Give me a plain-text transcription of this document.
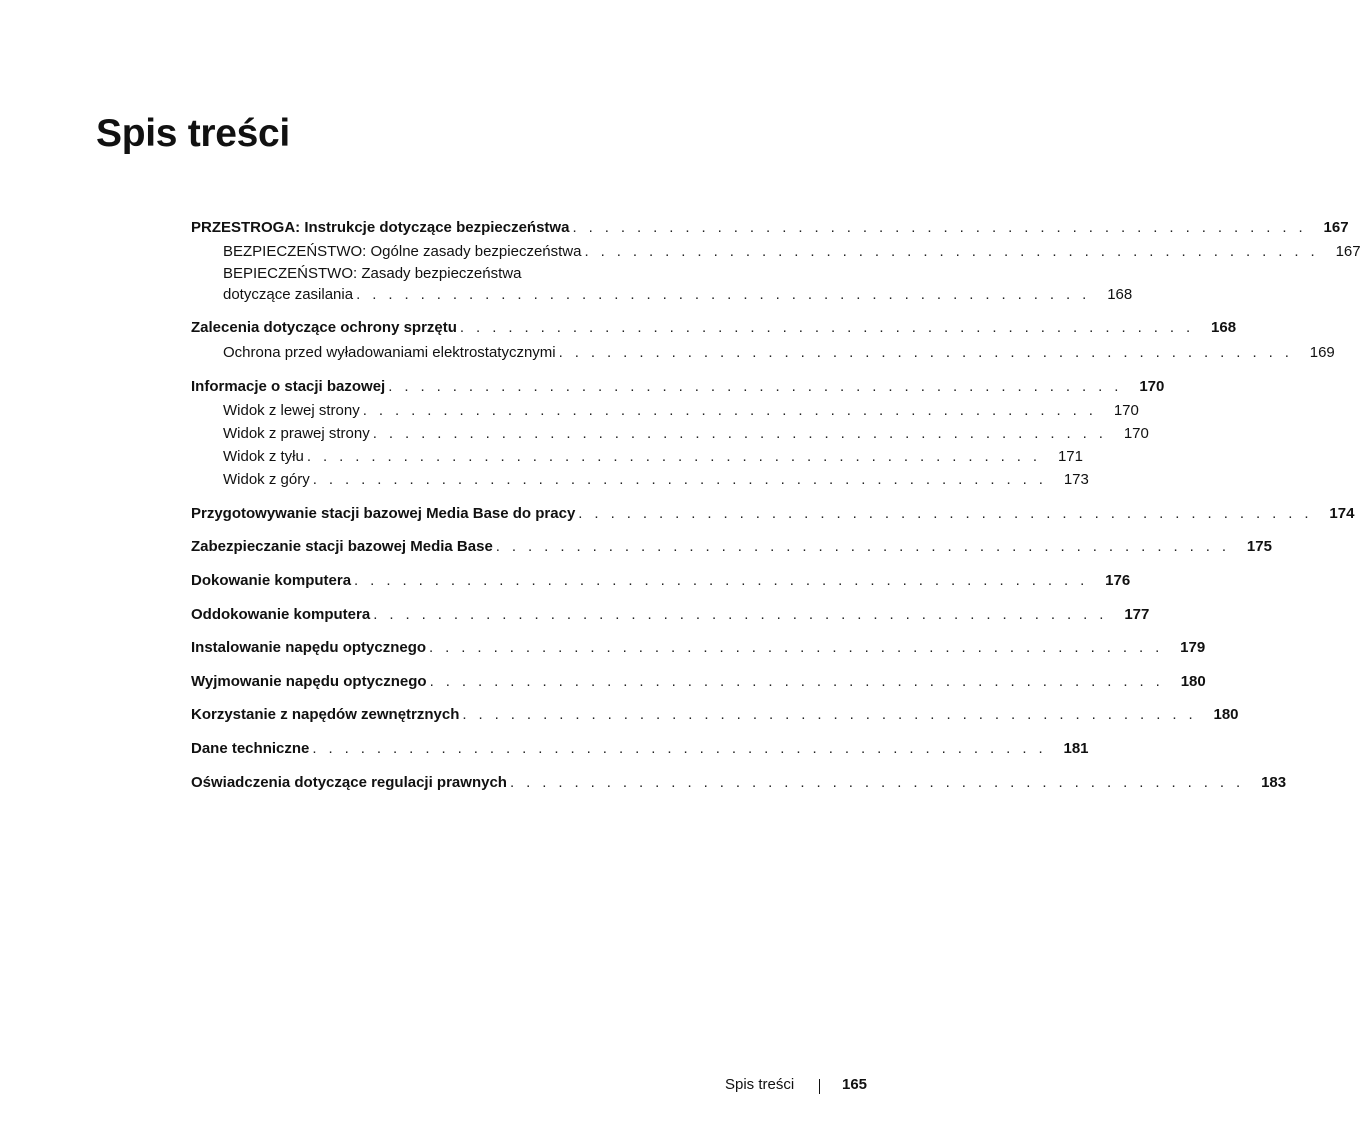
Spis treści
PRZESTROGA: Instrukcje dotyczące bezpieczeństwa . . . . . . . . . . . . . . . . . . . . . . . . . . . . . . . . . . . . . . . . . . . . . . 167
BEZPIECZEŃSTWO: Ogólne zasady bezpieczeństwa . . . . . . . . . . . . . . . . . . . . . . . . . . . . . . . . . . . . . . . . . . . . . . 167
BEPIECZEŃSTWO: Zasady bezpieczeństwa
dotyczące zasilania . . . . . . . . . . . . . . . . . . . . . . . . . . . . . . . . . . . . . . . . . . . . . . 168
Zalecenia dotyczące ochrony sprzętu . . . . . . . . . . . . . . . . . . . . . . . . . . . . . . . . . . . . . . . . . . . . . . 168
Ochrona przed wyładowaniami elektrostatycznymi . . . . . . . . . . . . . . . . . . . . . . . . . . . . . . . . . . . . . . . . . . . . . . 169
Informacje o stacji bazowej . . . . . . . . . . . . . . . . . . . . . . . . . . . . . . . . . . . . . . . . . . . . . . 170
Widok z lewej strony . . . . . . . . . . . . . . . . . . . . . . . . . . . . . . . . . . . . . . . . . . . . . . 170
Widok z prawej strony . . . . . . . . . . . . . . . . . . . . . . . . . . . . . . . . . . . . . . . . . . . . . . 170
Widok z tyłu . . . . . . . . . . . . . . . . . . . . . . . . . . . . . . . . . . . . . . . . . . . . . . 171
Widok z góry . . . . . . . . . . . . . . . . . . . . . . . . . . . . . . . . . . . . . . . . . . . . . . 173
Przygotowywanie stacji bazowej Media Base do pracy . . . . . . . . . . . . . . . . . . . . . . . . . . . . . . . . . . . . . . . . . . . . . . 174
Zabezpieczanie stacji bazowej Media Base . . . . . . . . . . . . . . . . . . . . . . . . . . . . . . . . . . . . . . . . . . . . . . 175
Dokowanie komputera . . . . . . . . . . . . . . . . . . . . . . . . . . . . . . . . . . . . . . . . . . . . . . 176
Oddokowanie komputera . . . . . . . . . . . . . . . . . . . . . . . . . . . . . . . . . . . . . . . . . . . . . . 177
Instalowanie napędu optycznego . . . . . . . . . . . . . . . . . . . . . . . . . . . . . . . . . . . . . . . . . . . . . . 179
Wyjmowanie napędu optycznego . . . . . . . . . . . . . . . . . . . . . . . . . . . . . . . . . . . . . . . . . . . . . . 180
Korzystanie z napędów zewnętrznych . . . . . . . . . . . . . . . . . . . . . . . . . . . . . . . . . . . . . . . . . . . . . . 180
Dane techniczne . . . . . . . . . . . . . . . . . . . . . . . . . . . . . . . . . . . . . . . . . . . . . . 181
Oświadczenia dotyczące regulacji prawnych . . . . . . . . . . . . . . . . . . . . . . . . . . . . . . . . . . . . . . . . . . . . . . 183
Spis treści	165
